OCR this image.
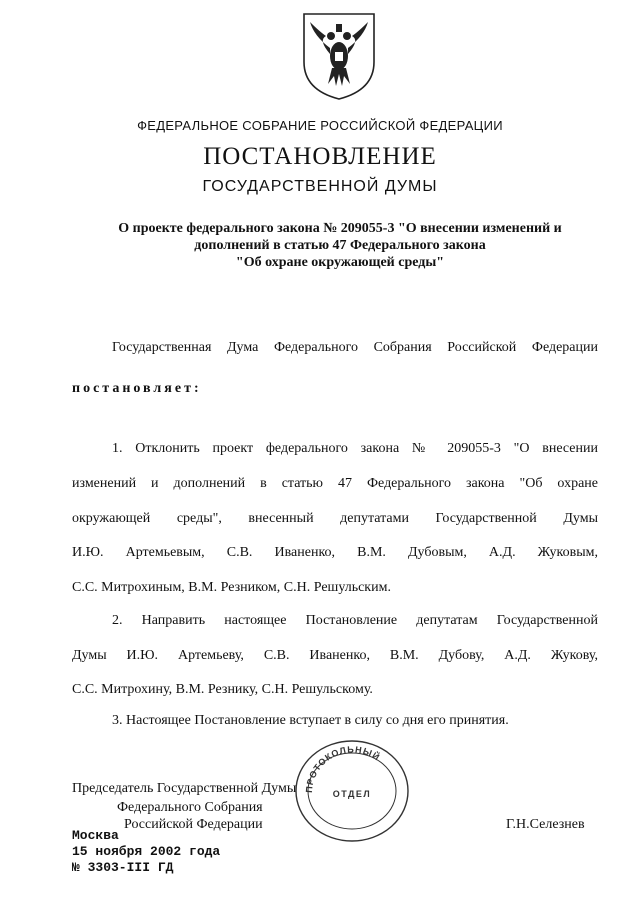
ФЕДЕРАЛЬНОЕ СОБРАНИЕ РОССИЙСКОЙ ФЕДЕРАЦИИ
ПОСТАНОВЛЕНИЕ
ГОСУДАРСТВЕННОЙ ДУМЫ
О проекте федерального закона № 209055-3 "О внесении изменений и
дополнений в статью 47 Федерального закона
"Об охране окружающей среды"
Государственная Дума Федерального Собрания Российской Федерации
постановляет:
1. Отклонить проект федерального закона № 209055-3 "О внесении
изменений и дополнений в статью 47 Федерального закона "Об охране
окружающей среды", внесенный депутатами Государственной Думы
И.Ю. Артемьевым, С.В. Иваненко, В.М. Дубовым, А.Д. Жуковым,
С.С. Митрохиным, В.М. Резником, С.Н. Решульским.
2. Направить настоящее Постановление депутатам Государственной
Думы И.Ю. Артемьеву, С.В. Иваненко, В.М. Дубову, А.Д. Жукову,
С.С. Митрохину, В.М. Резнику, С.Н. Решульскому.
3. Настоящее Постановление вступает в силу со дня его принятия.
Председатель Государственной Думы
Федерального Собрания
Российской Федерации	Г.Н.Селезнев
ПРОТОКОЛЬНЫЙ
ОТДЕЛ
Москва
15 ноября 2002 года
№ 3303-III ГД
